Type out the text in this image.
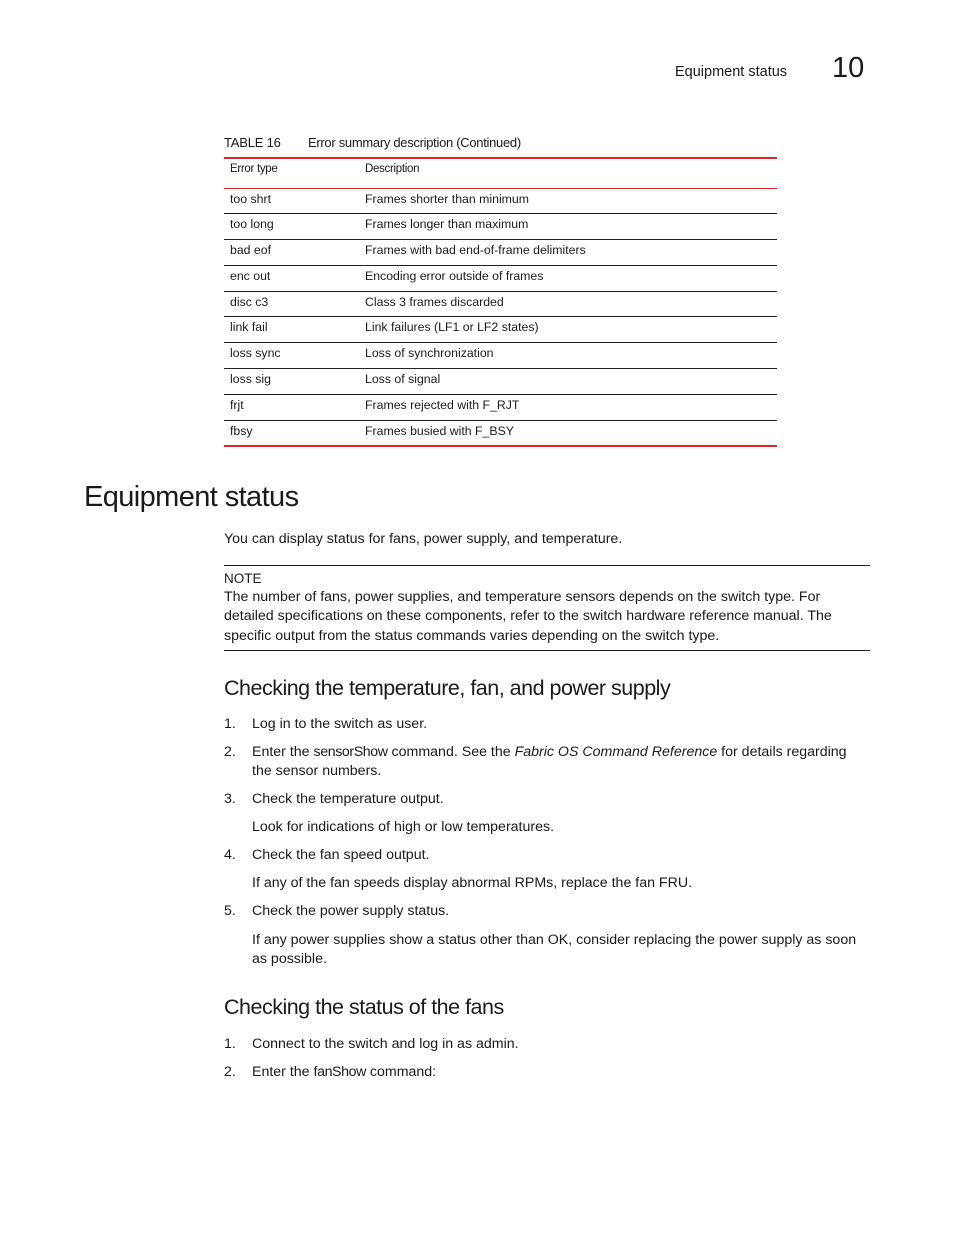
Equipment status 10
TABLE 16 Error summary description (Continued)
Error type	Description
too shrt	Frames shorter than minimum
too long	Frames longer than maximum
bad eof	Frames with bad end-of-frame delimiters
enc out	Encoding error outside of frames
disc c3	Class 3 frames discarded
link fail	Link failures (LF1 or LF2 states)
loss sync	Loss of synchronization
loss sig	Loss of signal
frjt	Frames rejected with F_RJT
fbsy	Frames busied with F_BSY
Equipment status
You can display status for fans, power supply, and temperature.
NOTE
The number of fans, power supplies, and temperature sensors depends on the switch type. For detailed specifications on these components, refer to the switch hardware reference manual. The specific output from the status commands varies depending on the switch type.
Checking the temperature, fan, and power supply
1. Log in to the switch as user.
2. Enter the sensorShow command. See the Fabric OS Command Reference for details regarding the sensor numbers.
3. Check the temperature output.
Look for indications of high or low temperatures.
4. Check the fan speed output.
If any of the fan speeds display abnormal RPMs, replace the fan FRU.
5. Check the power supply status.
If any power supplies show a status other than OK, consider replacing the power supply as soon as possible.
Checking the status of the fans
1. Connect to the switch and log in as admin.
2. Enter the fanShow command:
